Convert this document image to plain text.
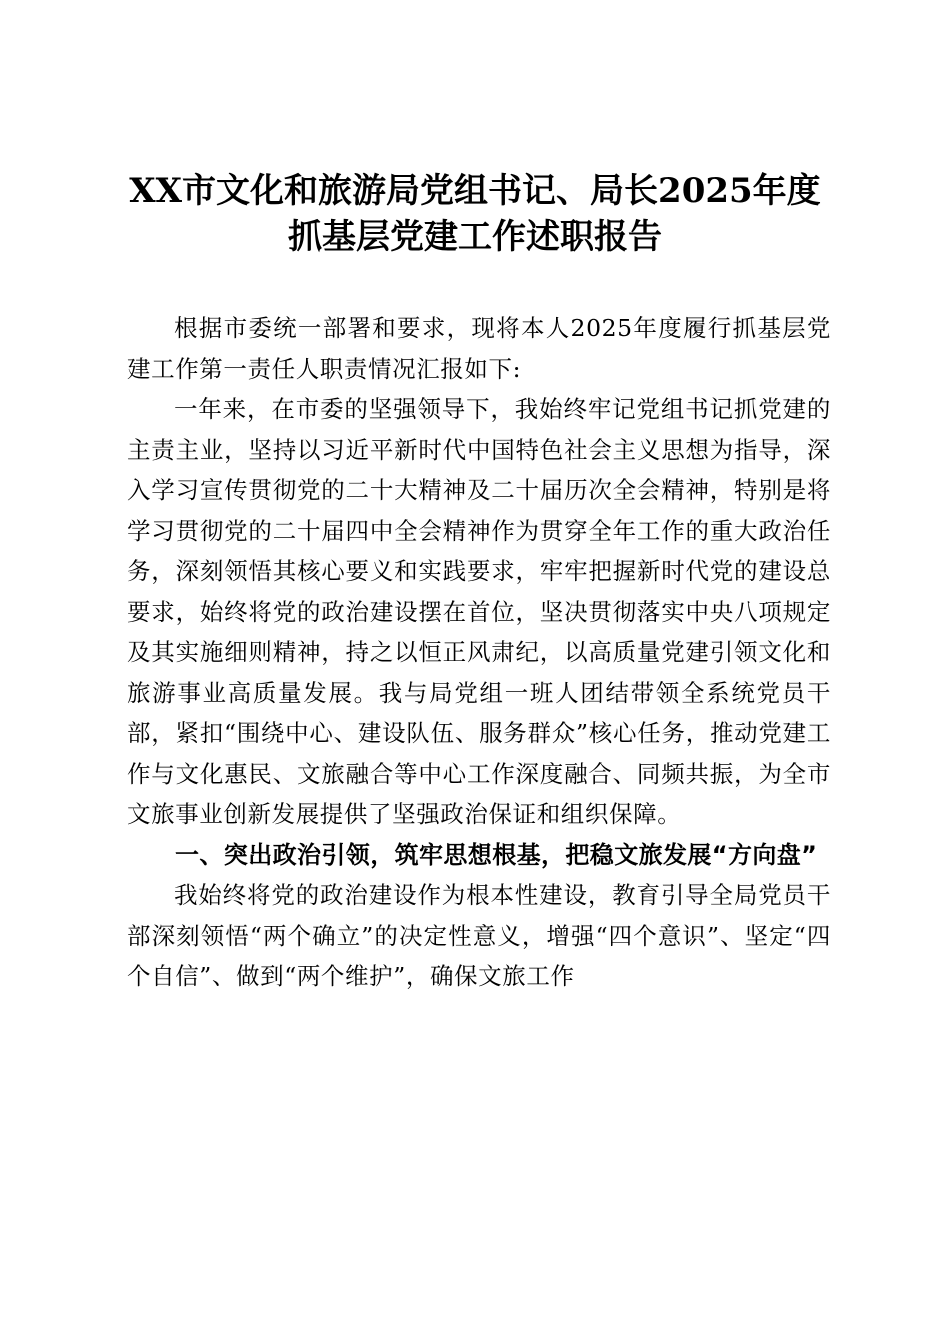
XX市文化和旅游局党组书记、局长2025年度
抓基层党建工作述职报告

根据市委统一部署和要求，现将本人2025年度履行抓基层党建工作第一责任人职责情况汇报如下:

一年来，在市委的坚强领导下，我始终牢记党组书记抓党建的主责主业，坚持以习近平新时代中国特色社会主义思想为指导，深入学习宣传贯彻党的二十大精神及二十届历次全会精神，特别是将学习贯彻党的二十届四中全会精神作为贯穿全年工作的重大政治任务，深刻领悟其核心要义和实践要求，牢牢把握新时代党的建设总要求，始终将党的政治建设摆在首位，坚决贯彻落实中央八项规定及其实施细则精神，持之以恒正风肃纪，以高质量党建引领文化和旅游事业高质量发展。我与局党组一班人团结带领全系统党员干部，紧扣“围绕中心、建设队伍、服务群众”核心任务，推动党建工作与文化惠民、文旅融合等中心工作深度融合、同频共振，为全市文旅事业创新发展提供了坚强政治保证和组织保障。

一、突出政治引领，筑牢思想根基，把稳文旅发展“方向盘”

我始终将党的政治建设作为根本性建设，教育引导全局党员干部深刻领悟“两个确立”的决定性意义，增强“四个意识”、坚定“四个自信”、做到“两个维护”，确保文旅工作
